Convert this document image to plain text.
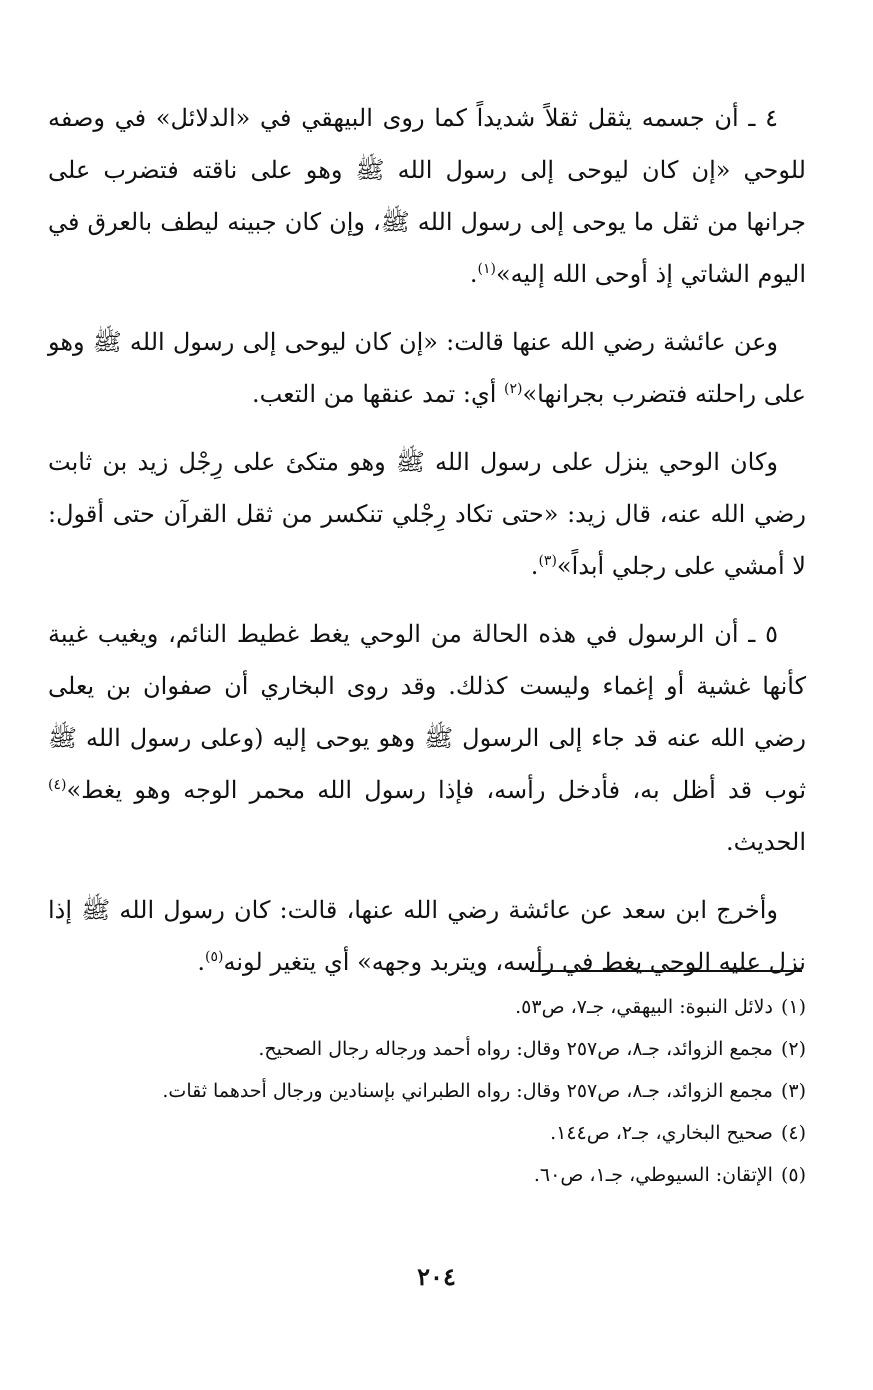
٤ ـ أن جسمه يثقل ثقلاً شديداً كما روى البيهقي في «الدلائل» في وصفه للوحي «إن كان ليوحى إلى رسول الله ﷺ وهو على ناقته فتضرب على جرانها من ثقل ما يوحى إلى رسول الله ﷺ، وإن كان جبينه ليطف بالعرق في اليوم الشاتي إذ أوحى الله إليه»$^{(١)}$.

وعن عائشة رضي الله عنها قالت: «إن كان ليوحى إلى رسول الله ﷺ وهو على راحلته فتضرب بجرانها»$^{(٢)}$ أي: تمد عنقها من التعب.

وكان الوحي ينزل على رسول الله ﷺ وهو متكئ على رِجْل زيد بن ثابت رضي الله عنه، قال زيد: «حتى تكاد رِجْلي تنكسر من ثقل القرآن حتى أقول: لا أمشي على رجلي أبداً»$^{(٣)}$.

٥ ـ أن الرسول في هذه الحالة من الوحي يغط غطيط النائم، ويغيب غيبة كأنها غشية أو إغماء وليست كذلك. وقد روى البخاري أن صفوان بن يعلى رضي الله عنه قد جاء إلى الرسول ﷺ وهو يوحى إليه (وعلى رسول الله ﷺ ثوب قد أظل به، فأدخل رأسه، فإذا رسول الله محمر الوجه وهو يغط»$^{(٤)}$ الحديث.

وأخرج ابن سعد عن عائشة رضي الله عنها، قالت: كان رسول الله ﷺ إذا نزل عليه الوحي يغط في رأسه، ويتربد وجهه» أي يتغير لونه$^{(٥)}$.

(١)دلائل النبوة: البيهقي، جـ٧، ص٥٣.

(٢)مجمع الزوائد، جـ٨، ص٢٥٧ وقال: رواه أحمد ورجاله رجال الصحيح.

(٣)مجمع الزوائد، جـ٨، ص٢٥٧ وقال: رواه الطبراني بإسنادين ورجال أحدهما ثقات.

(٤)صحيح البخاري، جـ٢، ص١٤٤.

(٥)الإتقان: السيوطي، جـ١، ص٦٠.

٢٠٤
